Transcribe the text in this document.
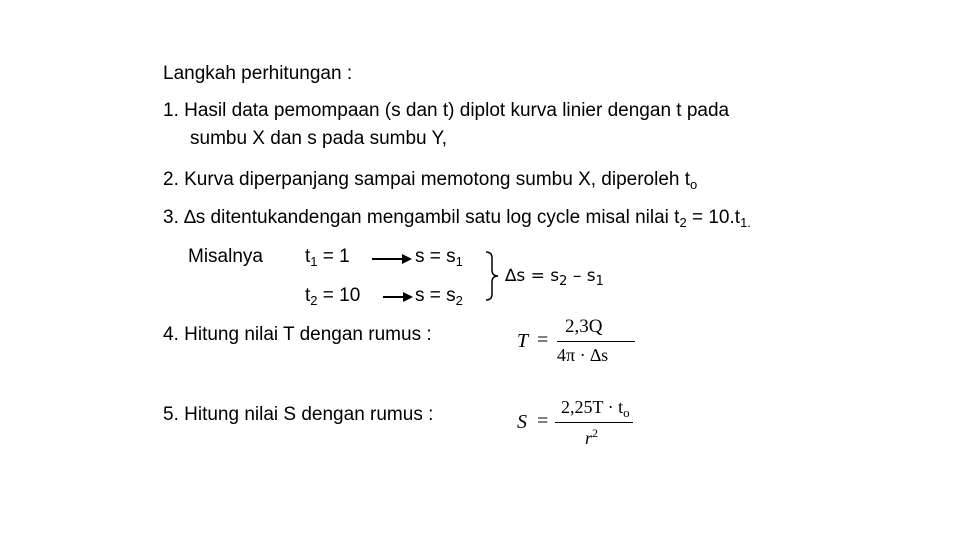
Langkah perhitungan :
1. Hasil data pemompaan (s dan t) diplot kurva linier dengan t pada
sumbu X dan s pada sumbu Y,
2. Kurva diperpanjang sampai memotong sumbu X, diperoleh $t_o$
3. ∆s ditentukandengan mengambil satu log cycle misal nilai $t_2 = 10.t_{1.}$
Misalnya $t_1 = 1$	$s = s_1$
$t_2 = 10$	$s = s_2$
$\Delta s = s_2 - s_1$
4. Hitung nilai T dengan rumus :	T =
2,3Q
4π · ∆s
5. Hitung nilai S dengan rumus :	S =
$2,25T \cdot t_o$
$r^2$
